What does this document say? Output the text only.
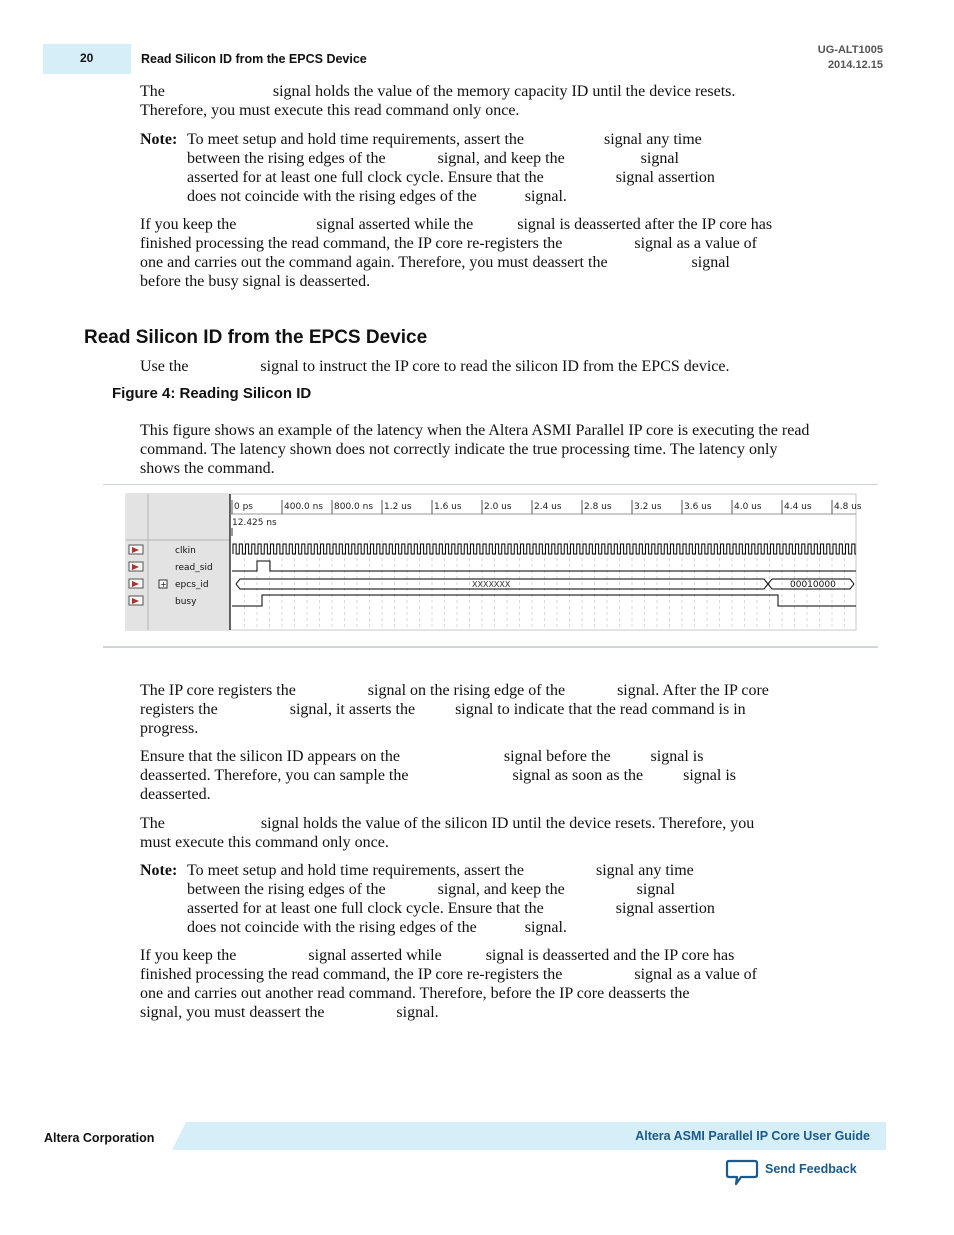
20	Read Silicon ID from the EPCS Device
UG-ALT1005
2014.12.15
The                           signal holds the value of the memory capacity ID until the device resets.
Therefore, you must execute this read command only once.
Note: To meet setup and hold time requirements, assert the                    signal any time
between the rising edges of the             signal, and keep the                   signal
asserted for at least one full clock cycle. Ensure that the                  signal assertion
does not coincide with the rising edges of the            signal.
If you keep the                    signal asserted while the           signal is deasserted after the IP core has
finished processing the read command, the IP core re-registers the                  signal as a value of
one and carries out the command again. Therefore, you must deassert the                     signal
before the busy signal is deasserted.
Read Silicon ID from the EPCS Device
Use the                  signal to instruct the IP core to read the silicon ID from the EPCS device.
Figure 4: Reading Silicon ID
This figure shows an example of the latency when the Altera ASMI Parallel IP core is executing the read
command. The latency shown does not correctly indicate the true processing time. The latency only
shows the command.
0 ps	400.0 ns 800.0 ns 1.2 us 1.6 us 2.0 us 2.4 us 2.8 us 3.2 us 3.6 us 4.0 us 4.4 us 4.8 us
12.425 ns
clkin
read_sid
epcs_id
busy
+	XXXXXXX	00010000
The IP core registers the                  signal on the rising edge of the             signal. After the IP core
registers the                  signal, it asserts the          signal to indicate that the read command is in
progress.
Ensure that the silicon ID appears on the                          signal before the          signal is
deasserted. Therefore, you can sample the                          signal as soon as the          signal is
deasserted.
The                        signal holds the value of the silicon ID until the device resets. Therefore, you
must execute this command only once.
Note: To meet setup and hold time requirements, assert the                  signal any time
between the rising edges of the             signal, and keep the                  signal
asserted for at least one full clock cycle. Ensure that the                  signal assertion
does not coincide with the rising edges of the            signal.
If you keep the                  signal asserted while           signal is deasserted and the IP core has
finished processing the read command, the IP core re-registers the                  signal as a value of
one and carries out another read command. Therefore, before the IP core deasserts the
signal, you must deassert the                  signal.
Altera Corporation	Altera ASMI Parallel IP Core User Guide
Send Feedback
